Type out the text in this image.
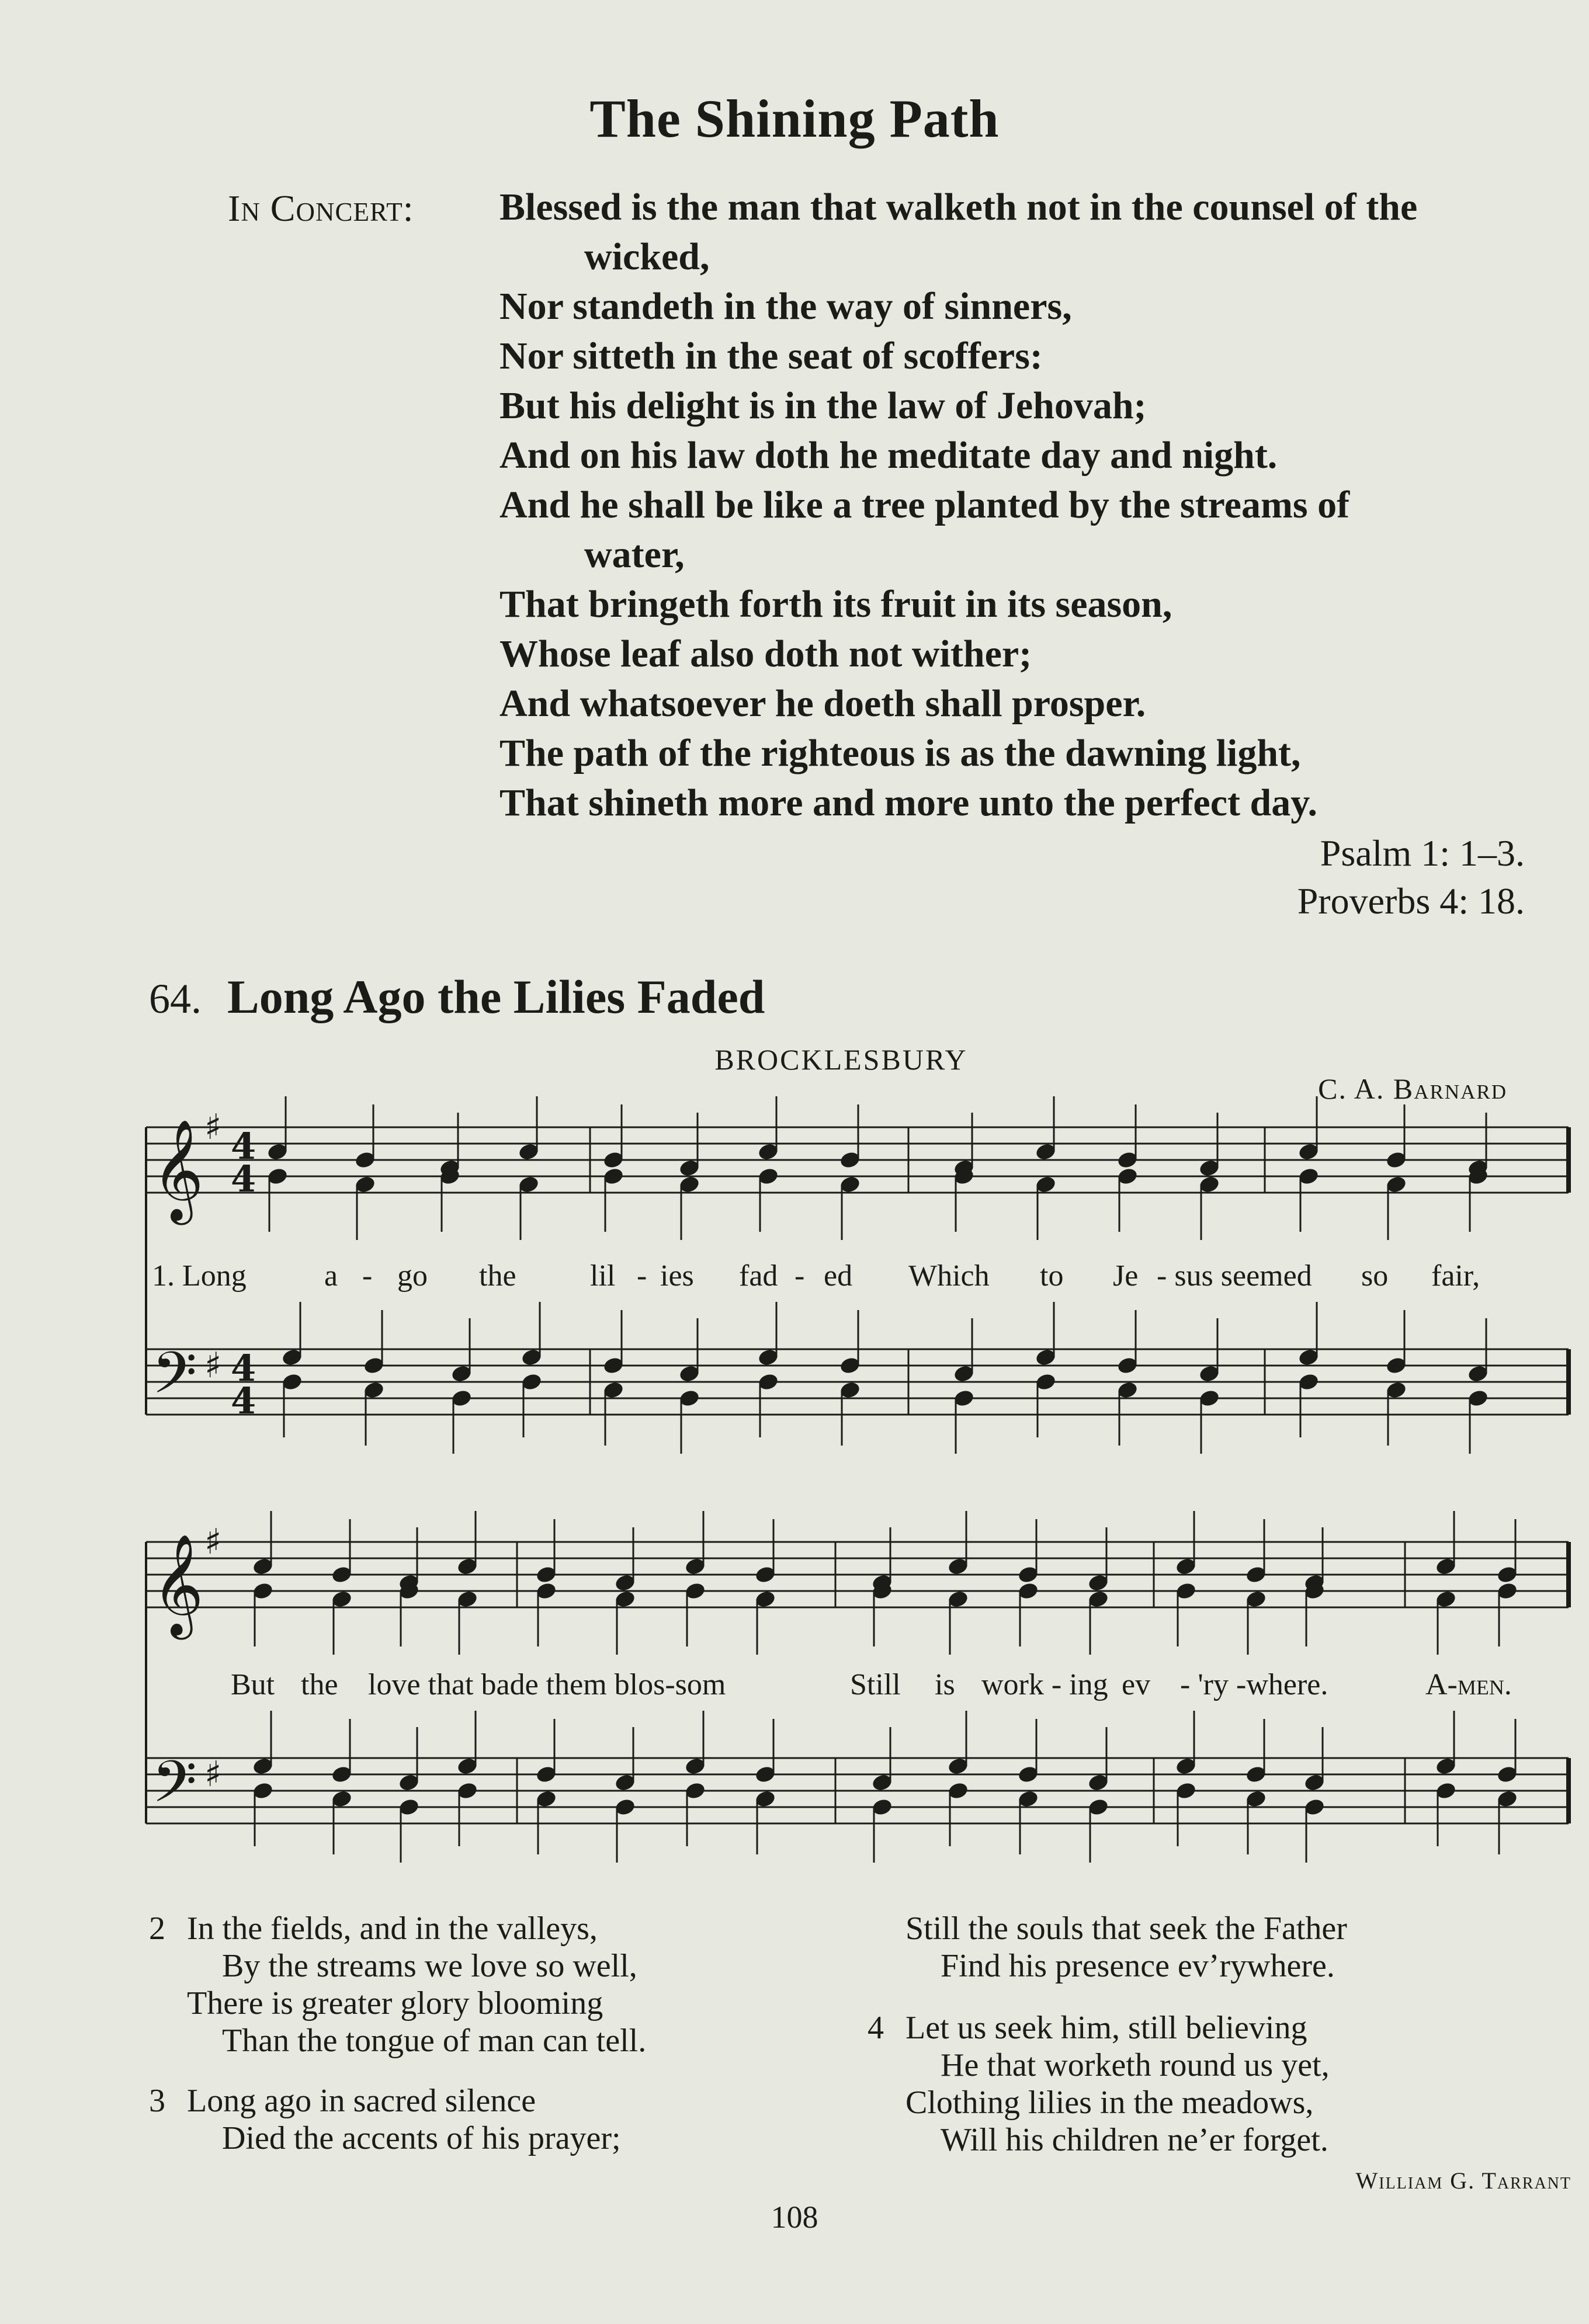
The Shining Path
In Concert: Blessed is the man that walketh not in the counsel of the
wicked,
Nor standeth in the way of sinners,
Nor sitteth in the seat of scoffers:
But his delight is in the law of Jehovah;
And on his law doth he meditate day and night.
And he shall be like a tree planted by the streams of
water,
That bringeth forth its fruit in its season,
Whose leaf also doth not wither;
And whatsoever he doeth shall prosper.
The path of the righteous is as the dawning light,
That shineth more and more unto the perfect day.
Psalm 1: 1–3.
Proverbs 4: 18.
64. Long Ago the Lilies Faded
BROCKLESBURY
C. A. Barnard
𝄞
𝄢
♯
♯
𝄞
𝄢
♯
♯
4
4
4
4
1. Long	a - go the lil - ies fad - ed Which to Je - sus seemed so fair,
But the love that bade them blos-som	Still is work - ing ev - 'ry -where.	A-men.
2 In the fields, and in the valleys,
By the streams we love so well,
There is greater glory blooming
Than the tongue of man can tell.
3 Long ago in sacred silence
Died the accents of his prayer;
Still the souls that seek the Father
Find his presence ev’rywhere.
4 Let us seek him, still believing
He that worketh round us yet,
Clothing lilies in the meadows,
Will his children ne’er forget.
William G. Tarrant
108
